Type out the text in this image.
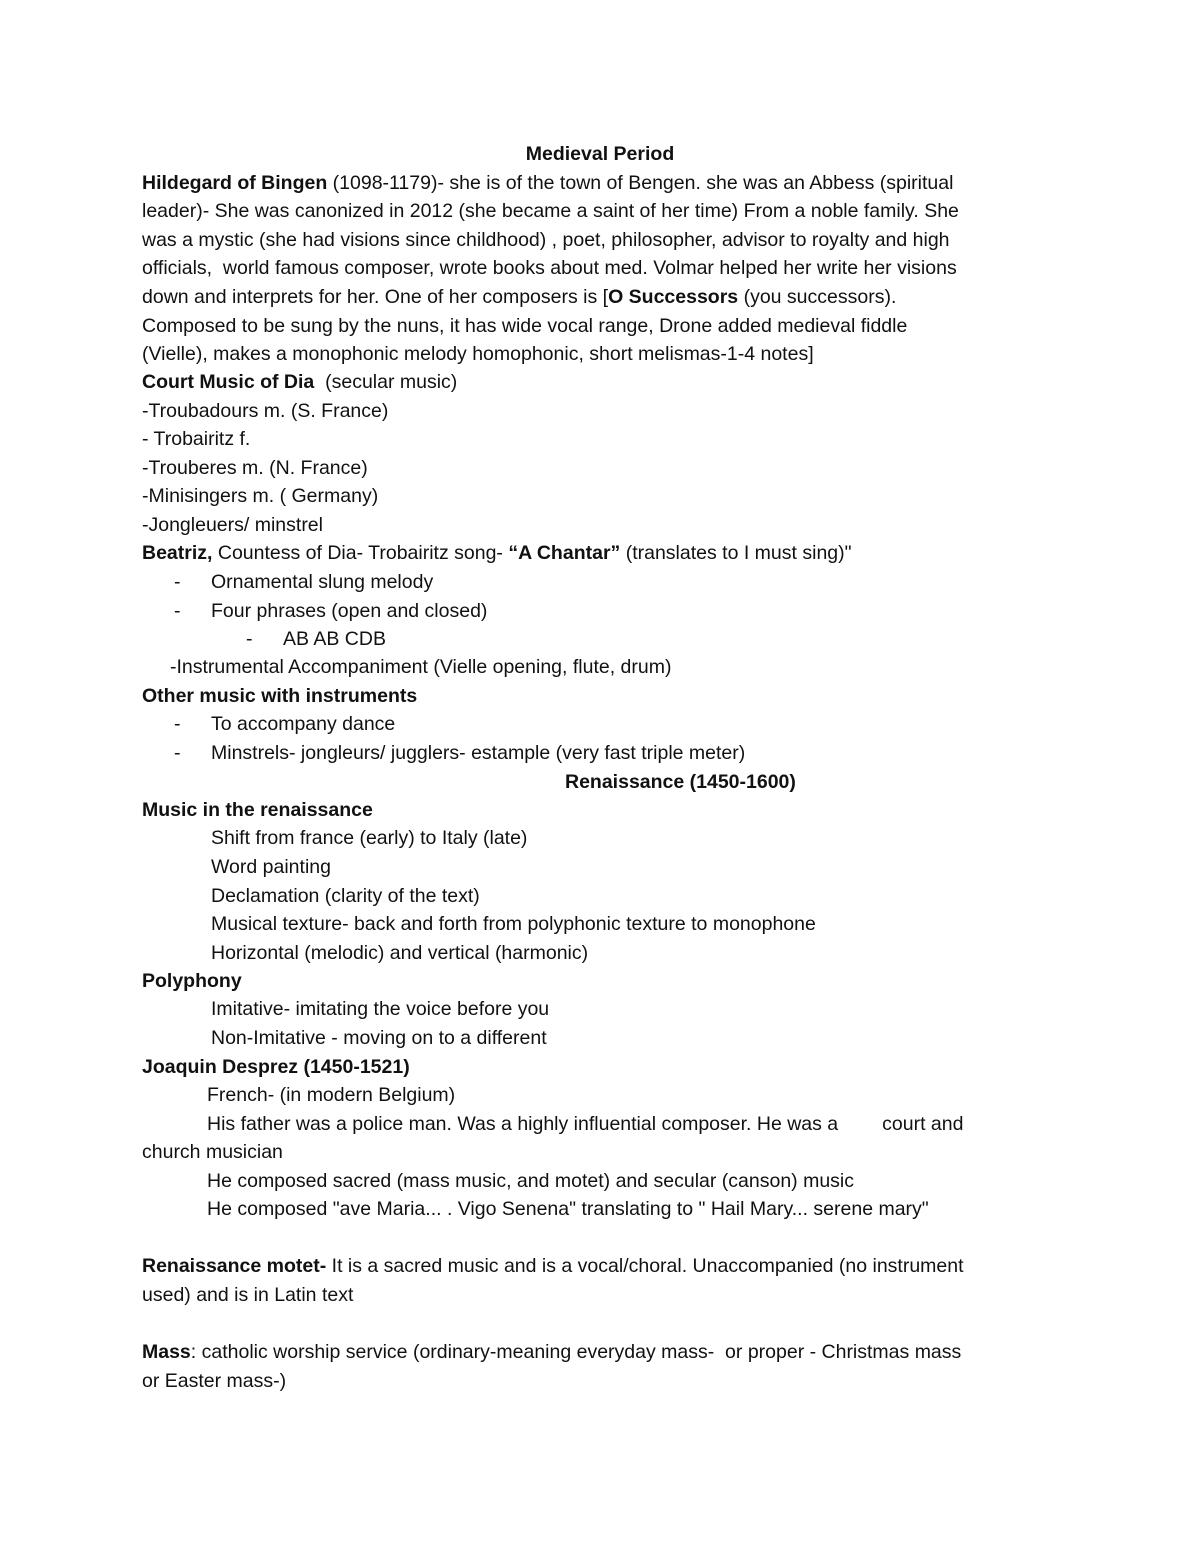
Medieval Period
Hildegard of Bingen (1098-1179)- she is of the town of Bengen. she was an Abbess (spiritual
leader)- She was canonized in 2012 (she became a saint of her time) From a noble family. She
was a mystic (she had visions since childhood) , poet, philosopher, advisor to royalty and high
officials,  world famous composer, wrote books about med. Volmar helped her write her visions
down and interprets for her. One of her composers is [O Successors (you successors).
Composed to be sung by the nuns, it has wide vocal range, Drone added medieval fiddle
(Vielle), makes a monophonic melody homophonic, short melismas-1-4 notes]
Court Music of Dia  (secular music)
-Troubadours m. (S. France)
- Trobairitz f.
-Trouberes m. (N. France)
-Minisingers m. ( Germany)
-Jongleuers/ minstrel
Beatriz, Countess of Dia- Trobairitz song- “A Chantar” (translates to I must sing)"
- Ornamental slung melody
- Four phrases (open and closed)
- AB AB CDB
-Instrumental Accompaniment (Vielle opening, flute, drum)
Other music with instruments
- To accompany dance
- Minstrels- jongleurs/ jugglers- estample (very fast triple meter)
Renaissance (1450-1600)
Music in the renaissance
Shift from france (early) to Italy (late)
Word painting
Declamation (clarity of the text)
Musical texture- back and forth from polyphonic texture to monophone
Horizontal (melodic) and vertical (harmonic)
Polyphony
Imitative- imitating the voice before you
Non-Imitative - moving on to a different
Joaquin Desprez (1450-1521)
French- (in modern Belgium)
His father was a police man. Was a highly influential composer. He was a court and
church musician
He composed sacred (mass music, and motet) and secular (canson) music
He composed "ave Maria... . Vigo Senena" translating to " Hail Mary... serene mary"
Renaissance motet- It is a sacred music and is a vocal/choral. Unaccompanied (no instrument
used) and is in Latin text
Mass: catholic worship service (ordinary-meaning everyday mass-  or proper - Christmas mass
or Easter mass-)
